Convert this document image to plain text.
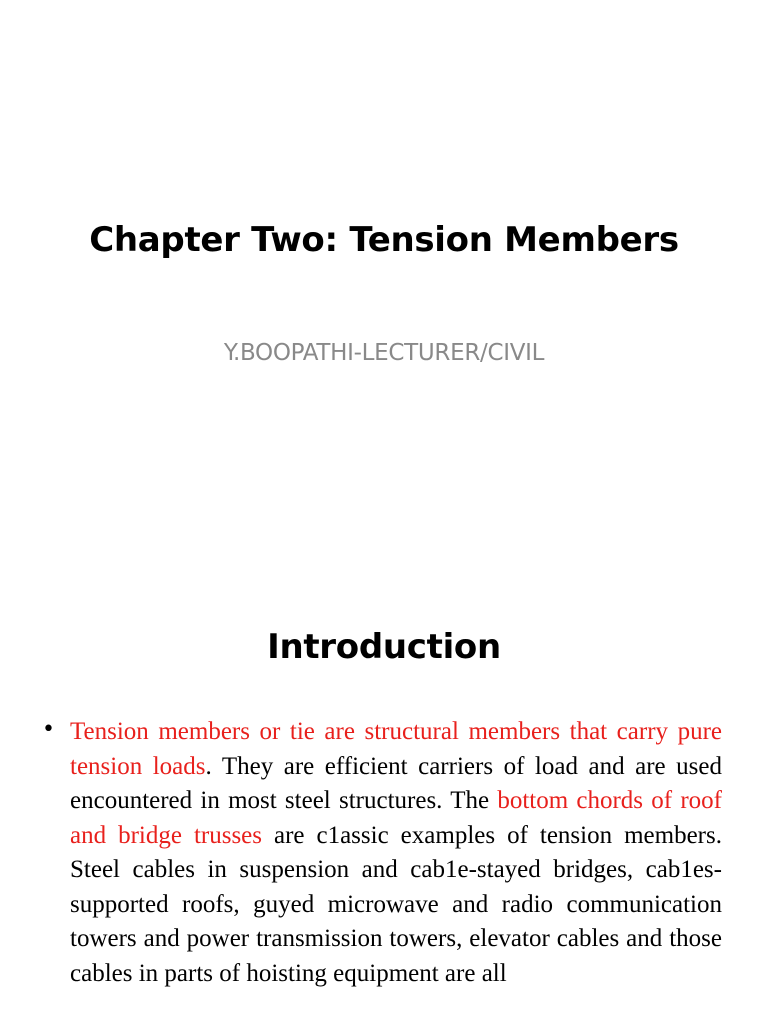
Chapter Two: Tension Members
Y.BOOPATHI-LECTURER/CIVIL
Introduction
• Tension members or tie are structural members that carry pure tension loads. They are efficient carriers of load and are used encountered in most steel structures. The bottom chords of roof and bridge trusses are c1assic examples of tension members. Steel cables in suspension and cab1e-stayed bridges, cab1es-supported roofs, guyed microwave and radio communication towers and power transmission towers, elevator cables and those cables in parts of hoisting equipment are all
